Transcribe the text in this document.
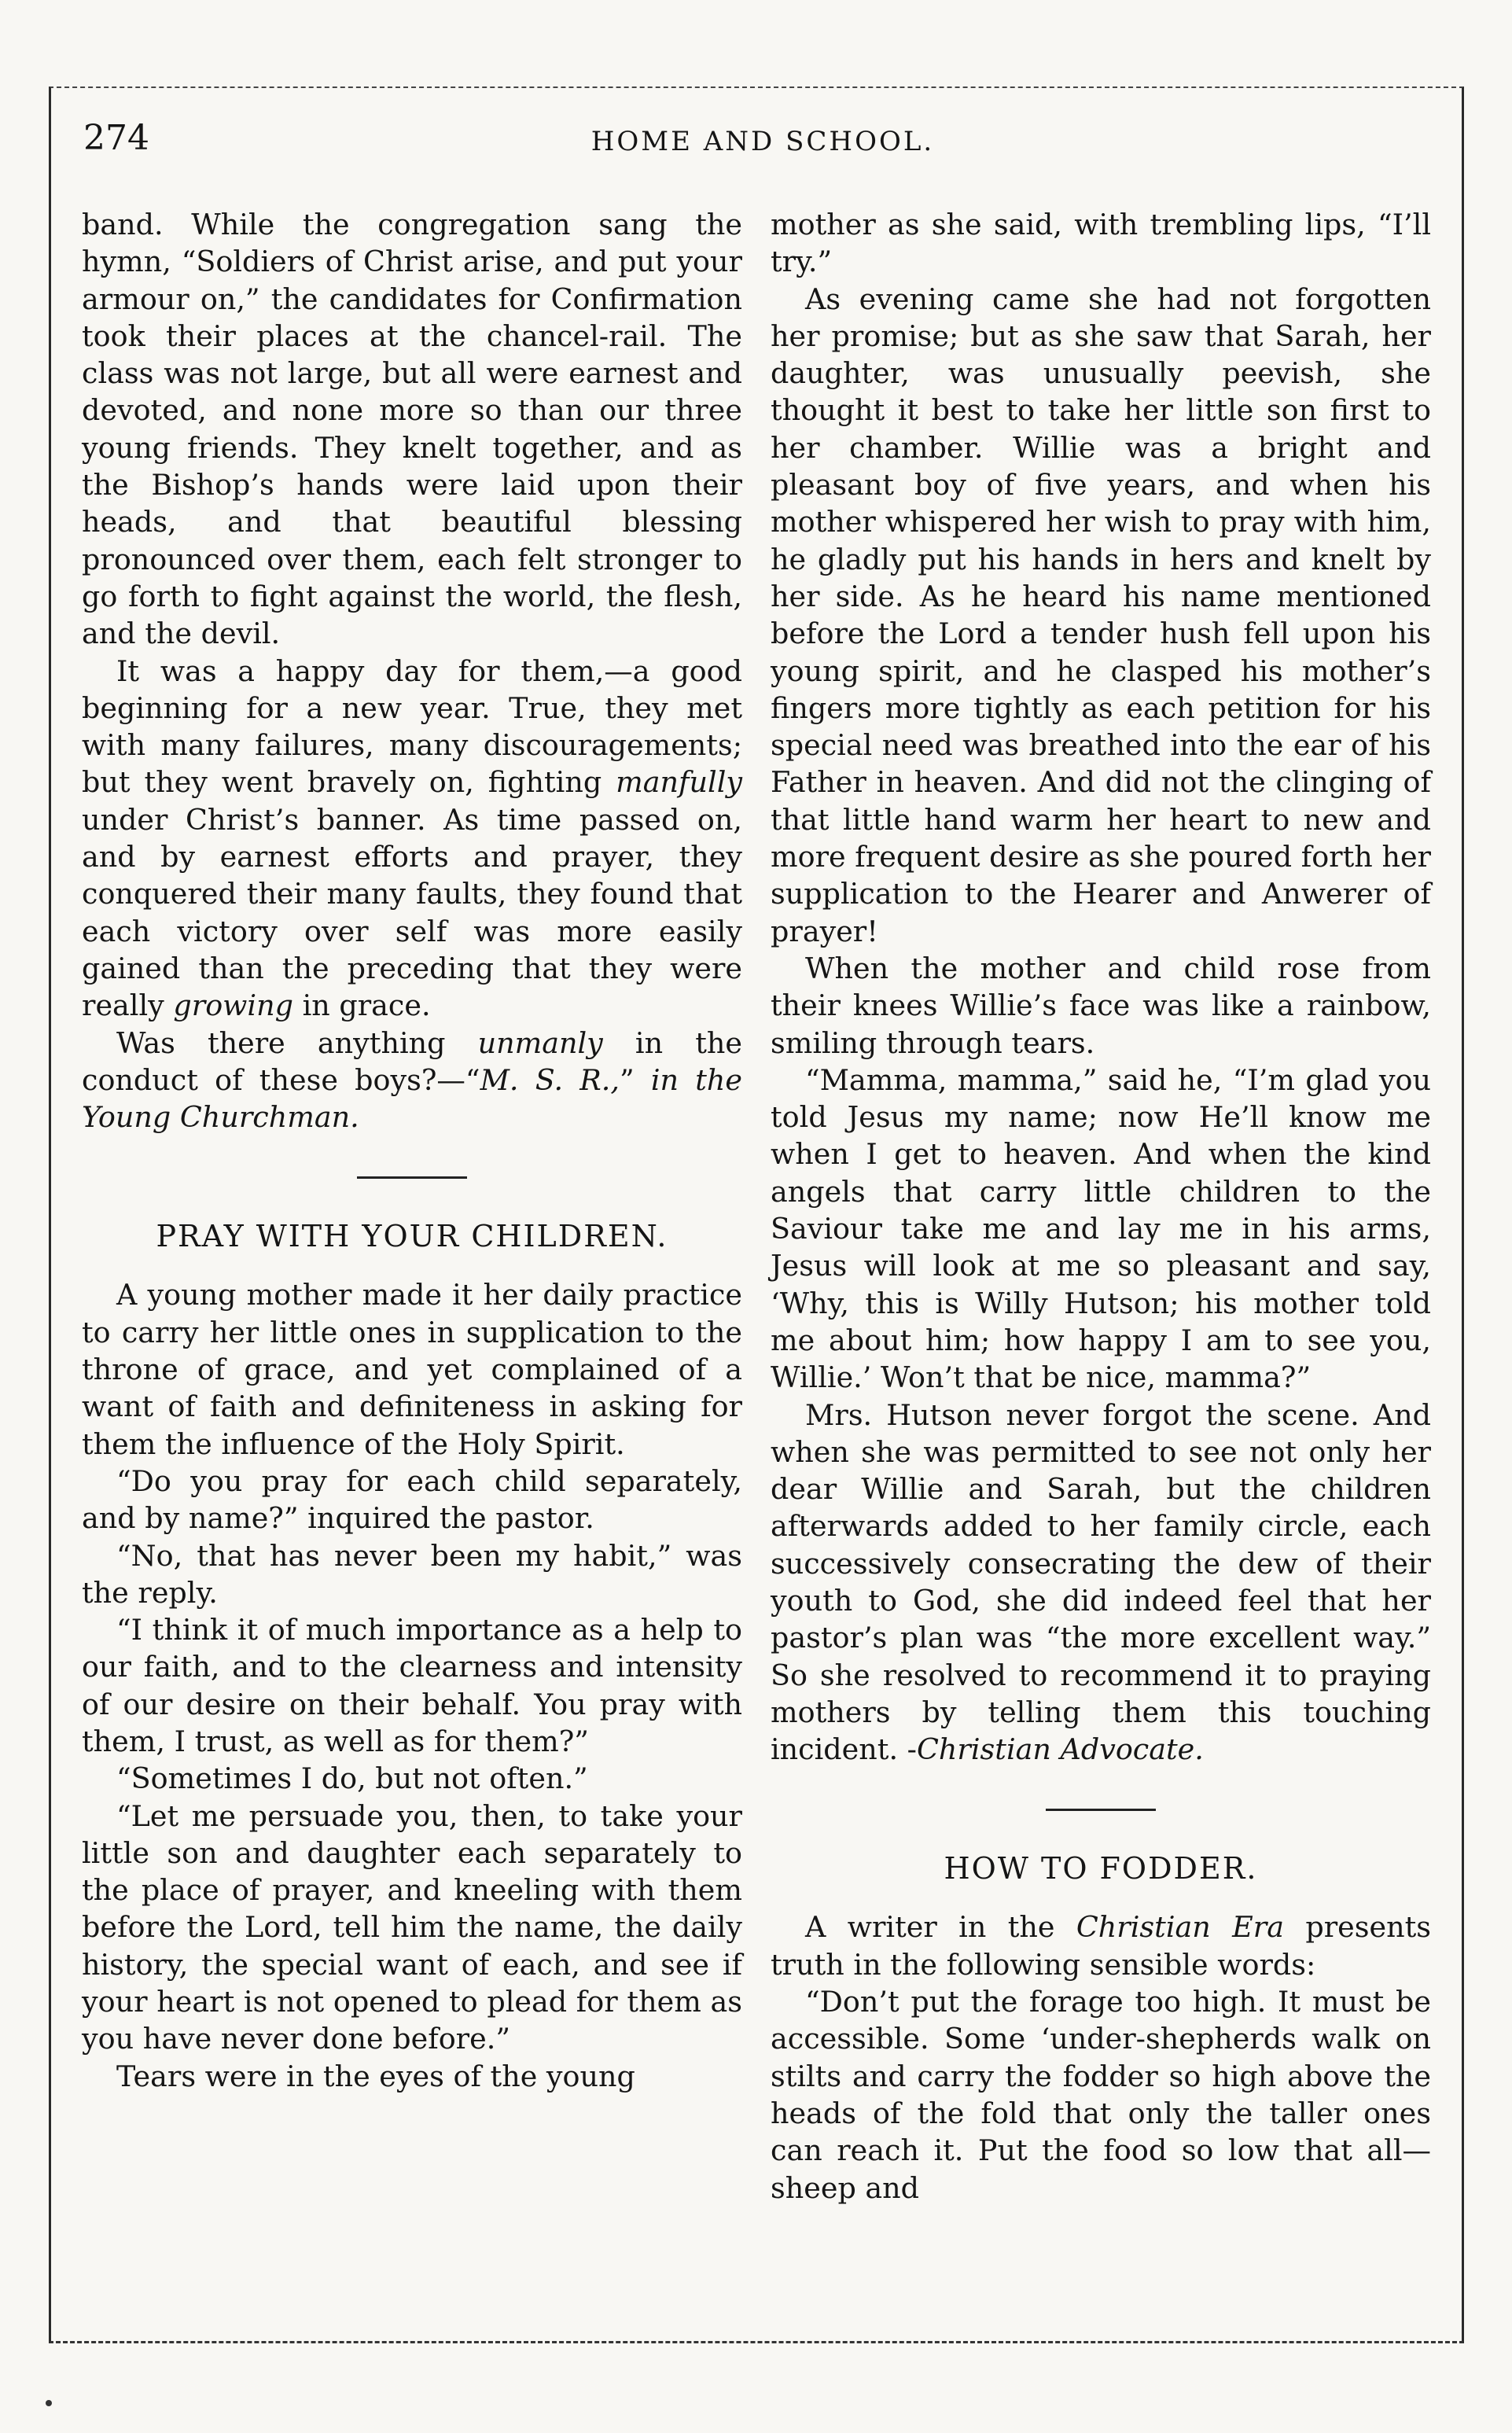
274	HOME AND SCHOOL.

band. While the congregation sang the hymn, “Soldiers of Christ arise, and put your armour on,” the candidates for Confirmation took their places at the chancel-rail. The class was not large, but all were earnest and devoted, and none more so than our three young friends. They knelt together, and as the Bishop’s hands were laid upon their heads, and that beautiful blessing pronounced over them, each felt stronger to go forth to fight against the world, the flesh, and the devil.

It was a happy day for them,—a good beginning for a new year. True, they met with many failures, many discouragements; but they went bravely on, fighting manfully under Christ’s banner. As time passed on, and by earnest efforts and prayer, they conquered their many faults, they found that each victory over self was more easily gained than the preceding that they were really growing in grace.

Was there anything unmanly in the conduct of these boys?—“M. S. R.,” in the Young Churchman.

PRAY WITH YOUR CHILDREN.

A young mother made it her daily practice to carry her little ones in supplication to the throne of grace, and yet complained of a want of faith and definiteness in asking for them the influence of the Holy Spirit.

“Do you pray for each child separately, and by name?” inquired the pastor.

“No, that has never been my habit,” was the reply.

“I think it of much importance as a help to our faith, and to the clearness and intensity of our desire on their behalf. You pray with them, I trust, as well as for them?”

“Sometimes I do, but not often.”

“Let me persuade you, then, to take your little son and daughter each separately to the place of prayer, and kneeling with them before the Lord, tell him the name, the daily history, the special want of each, and see if your heart is not opened to plead for them as you have never done before.”

Tears were in the eyes of the young

mother as she said, with trembling lips, “I’ll try.”

As evening came she had not forgotten her promise; but as she saw that Sarah, her daughter, was unusually peevish, she thought it best to take her little son first to her chamber. Willie was a bright and pleasant boy of five years, and when his mother whispered her wish to pray with him, he gladly put his hands in hers and knelt by her side. As he heard his name mentioned before the Lord a tender hush fell upon his young spirit, and he clasped his mother’s fingers more tightly as each petition for his special need was breathed into the ear of his Father in heaven. And did not the clinging of that little hand warm her heart to new and more frequent desire as she poured forth her supplication to the Hearer and Anwerer of prayer!

When the mother and child rose from their knees Willie’s face was like a rainbow, smiling through tears.

“Mamma, mamma,” said he, “I’m glad you told Jesus my name; now He’ll know me when I get to heaven. And when the kind angels that carry little children to the Saviour take me and lay me in his arms, Jesus will look at me so pleasant and say, ‘Why, this is Willy Hutson; his mother told me about him; how happy I am to see you, Willie.’ Won’t that be nice, mamma?”

Mrs. Hutson never forgot the scene. And when she was permitted to see not only her dear Willie and Sarah, but the children afterwards added to her family circle, each successively consecrating the dew of their youth to God, she did indeed feel that her pastor’s plan was “the more excellent way.” So she resolved to recommend it to praying mothers by telling them this touching incident. -Christian Advocate.

HOW TO FODDER.

A writer in the Christian Era presents truth in the following sensible words:

“Don’t put the forage too high. It must be accessible. Some ‘under-shepherds walk on stilts and carry the fodder so high above the heads of the fold that only the taller ones can reach it. Put the food so low that all—sheep and
